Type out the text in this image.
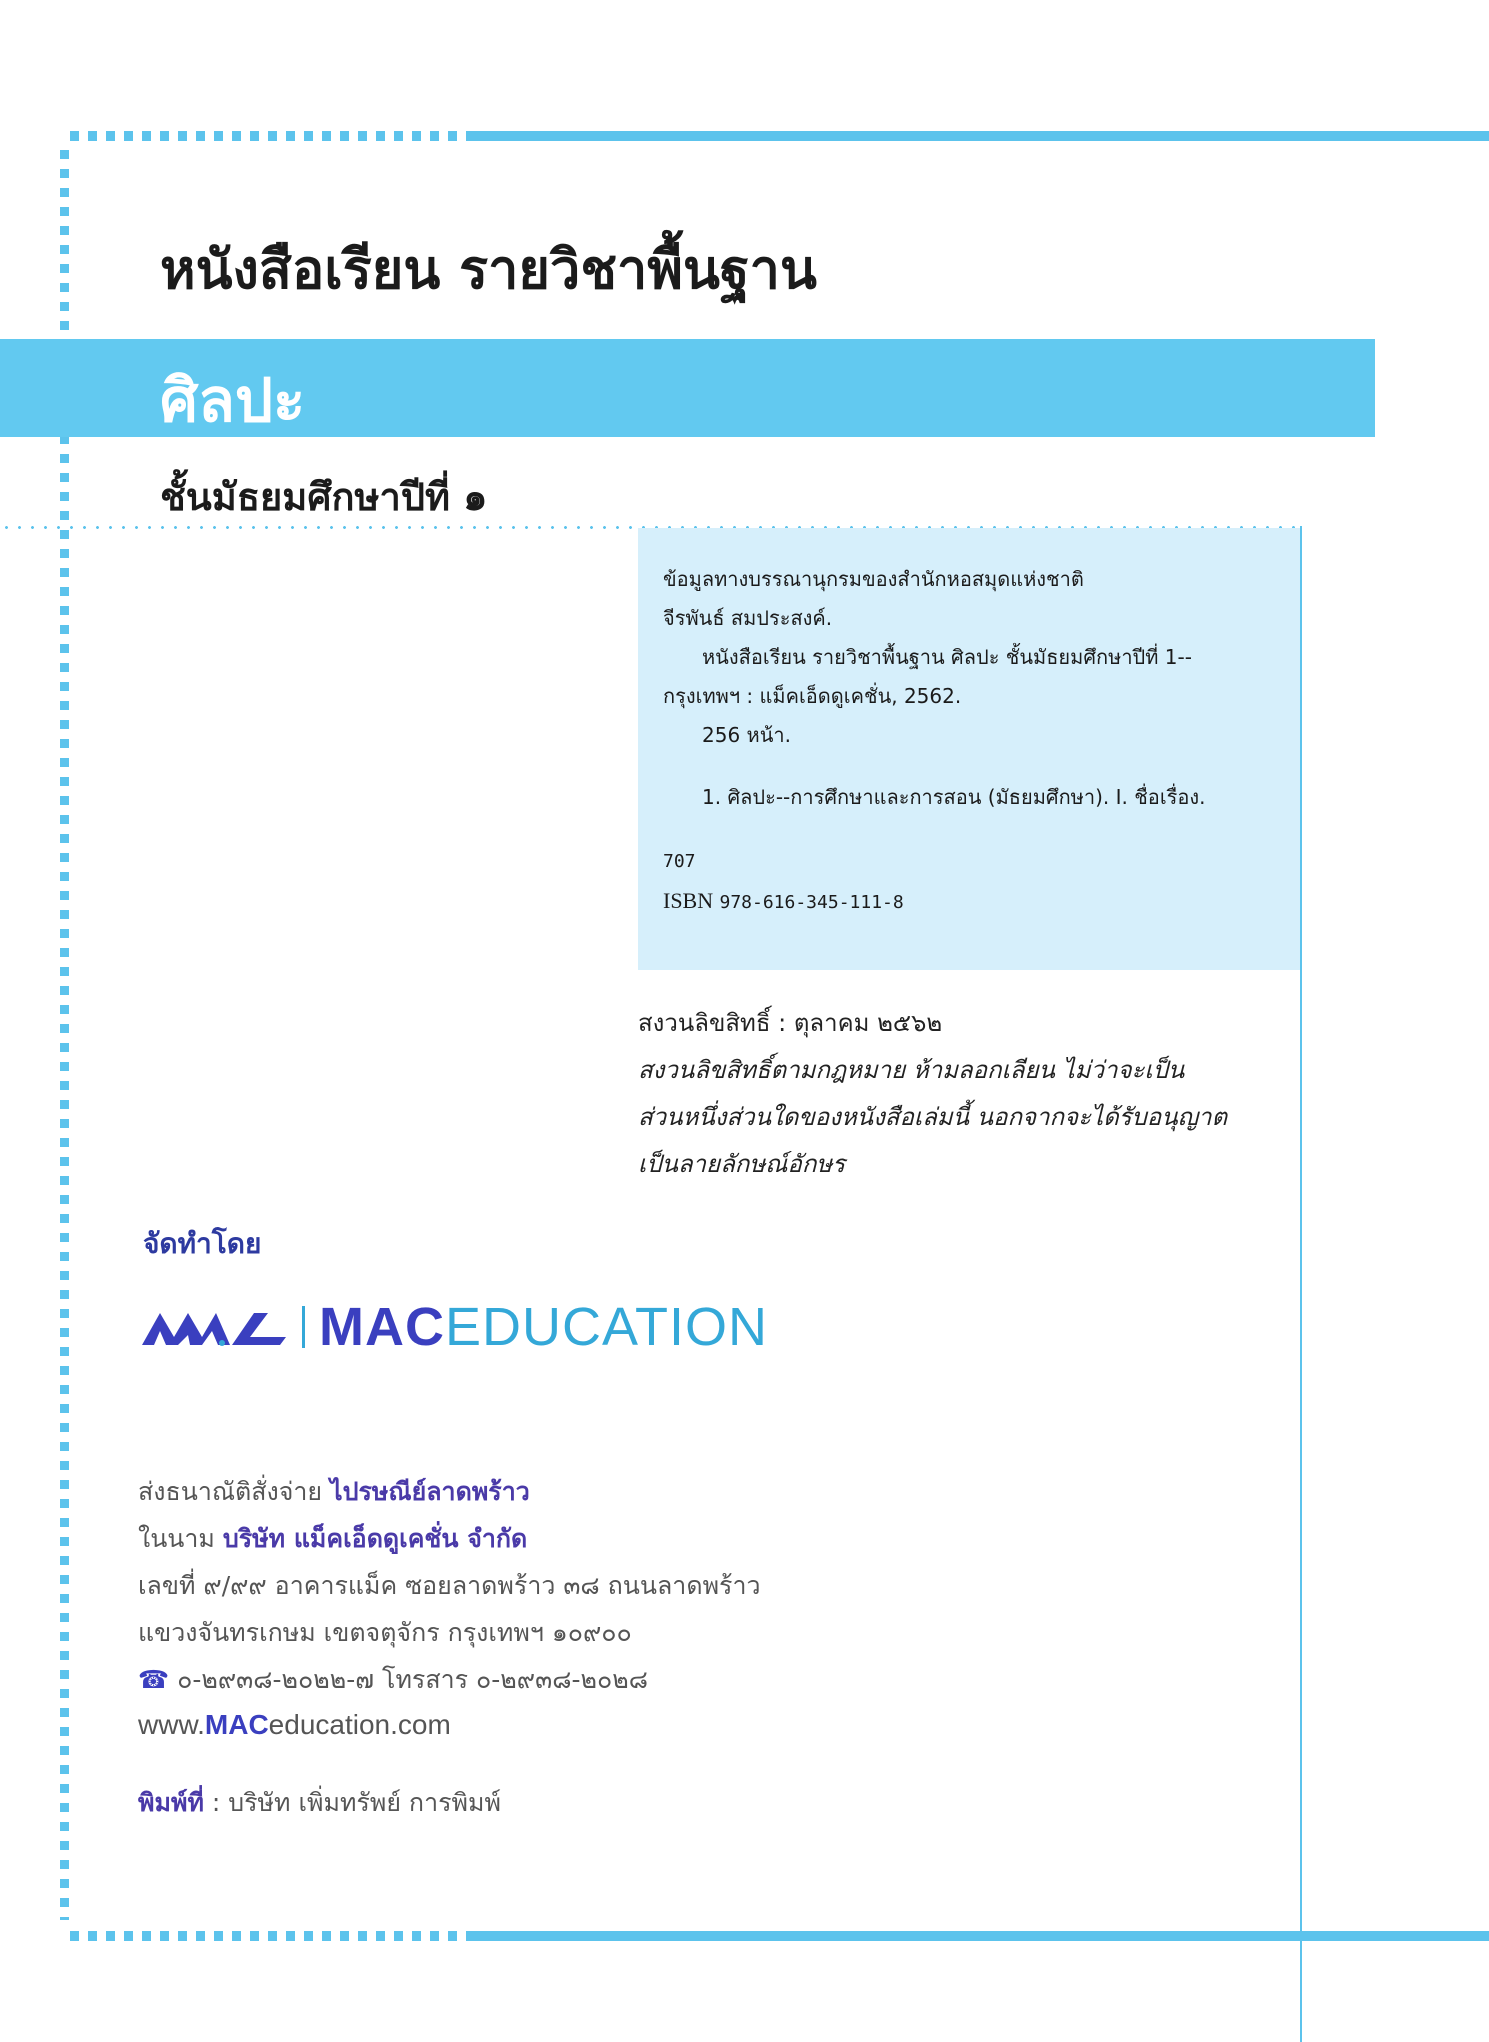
หนังสือเรียน รายวิชาพื้นฐาน
ศิลปะ
ชั้นมัธยมศึกษาปีที่ ๑
ข้อมูลทางบรรณานุกรมของสำนักหอสมุดแห่งชาติ
จีรพันธ์ สมประสงค์.
หนังสือเรียน รายวิชาพื้นฐาน ศิลปะ ชั้นมัธยมศึกษาปีที่ 1--
กรุงเทพฯ : แม็คเอ็ดดูเคชั่น, 2562.
256 หน้า.
1. ศิลปะ--การศึกษาและการสอน (มัธยมศึกษา). I. ชื่อเรื่อง.
707
ISBN 978-616-345-111-8
สงวนลิขสิทธิ์ : ตุลาคม ๒๕๖๒
สงวนลิขสิทธิ์ตามกฎหมาย ห้ามลอกเลียน ไม่ว่าจะเป็น
ส่วนหนึ่งส่วนใดของหนังสือเล่มนี้ นอกจากจะได้รับอนุญาต
เป็นลายลักษณ์อักษร
จัดทำโดย
MAC EDUCATION
ส่งธนาณัติสั่งจ่าย ไปรษณีย์ลาดพร้าว
ในนาม บริษัท แม็คเอ็ดดูเคชั่น จำกัด
เลขที่ ๙/๙๙ อาคารแม็ค ซอยลาดพร้าว ๓๘ ถนนลาดพร้าว
แขวงจันทรเกษม เขตจตุจักร กรุงเทพฯ ๑๐๙๐๐
☎ ๐-๒๙๓๘-๒๐๒๒-๗ โทรสาร ๐-๒๙๓๘-๒๐๒๘
www.MACeducation.com
พิมพ์ที่ : บริษัท เพิ่มทรัพย์ การพิมพ์
